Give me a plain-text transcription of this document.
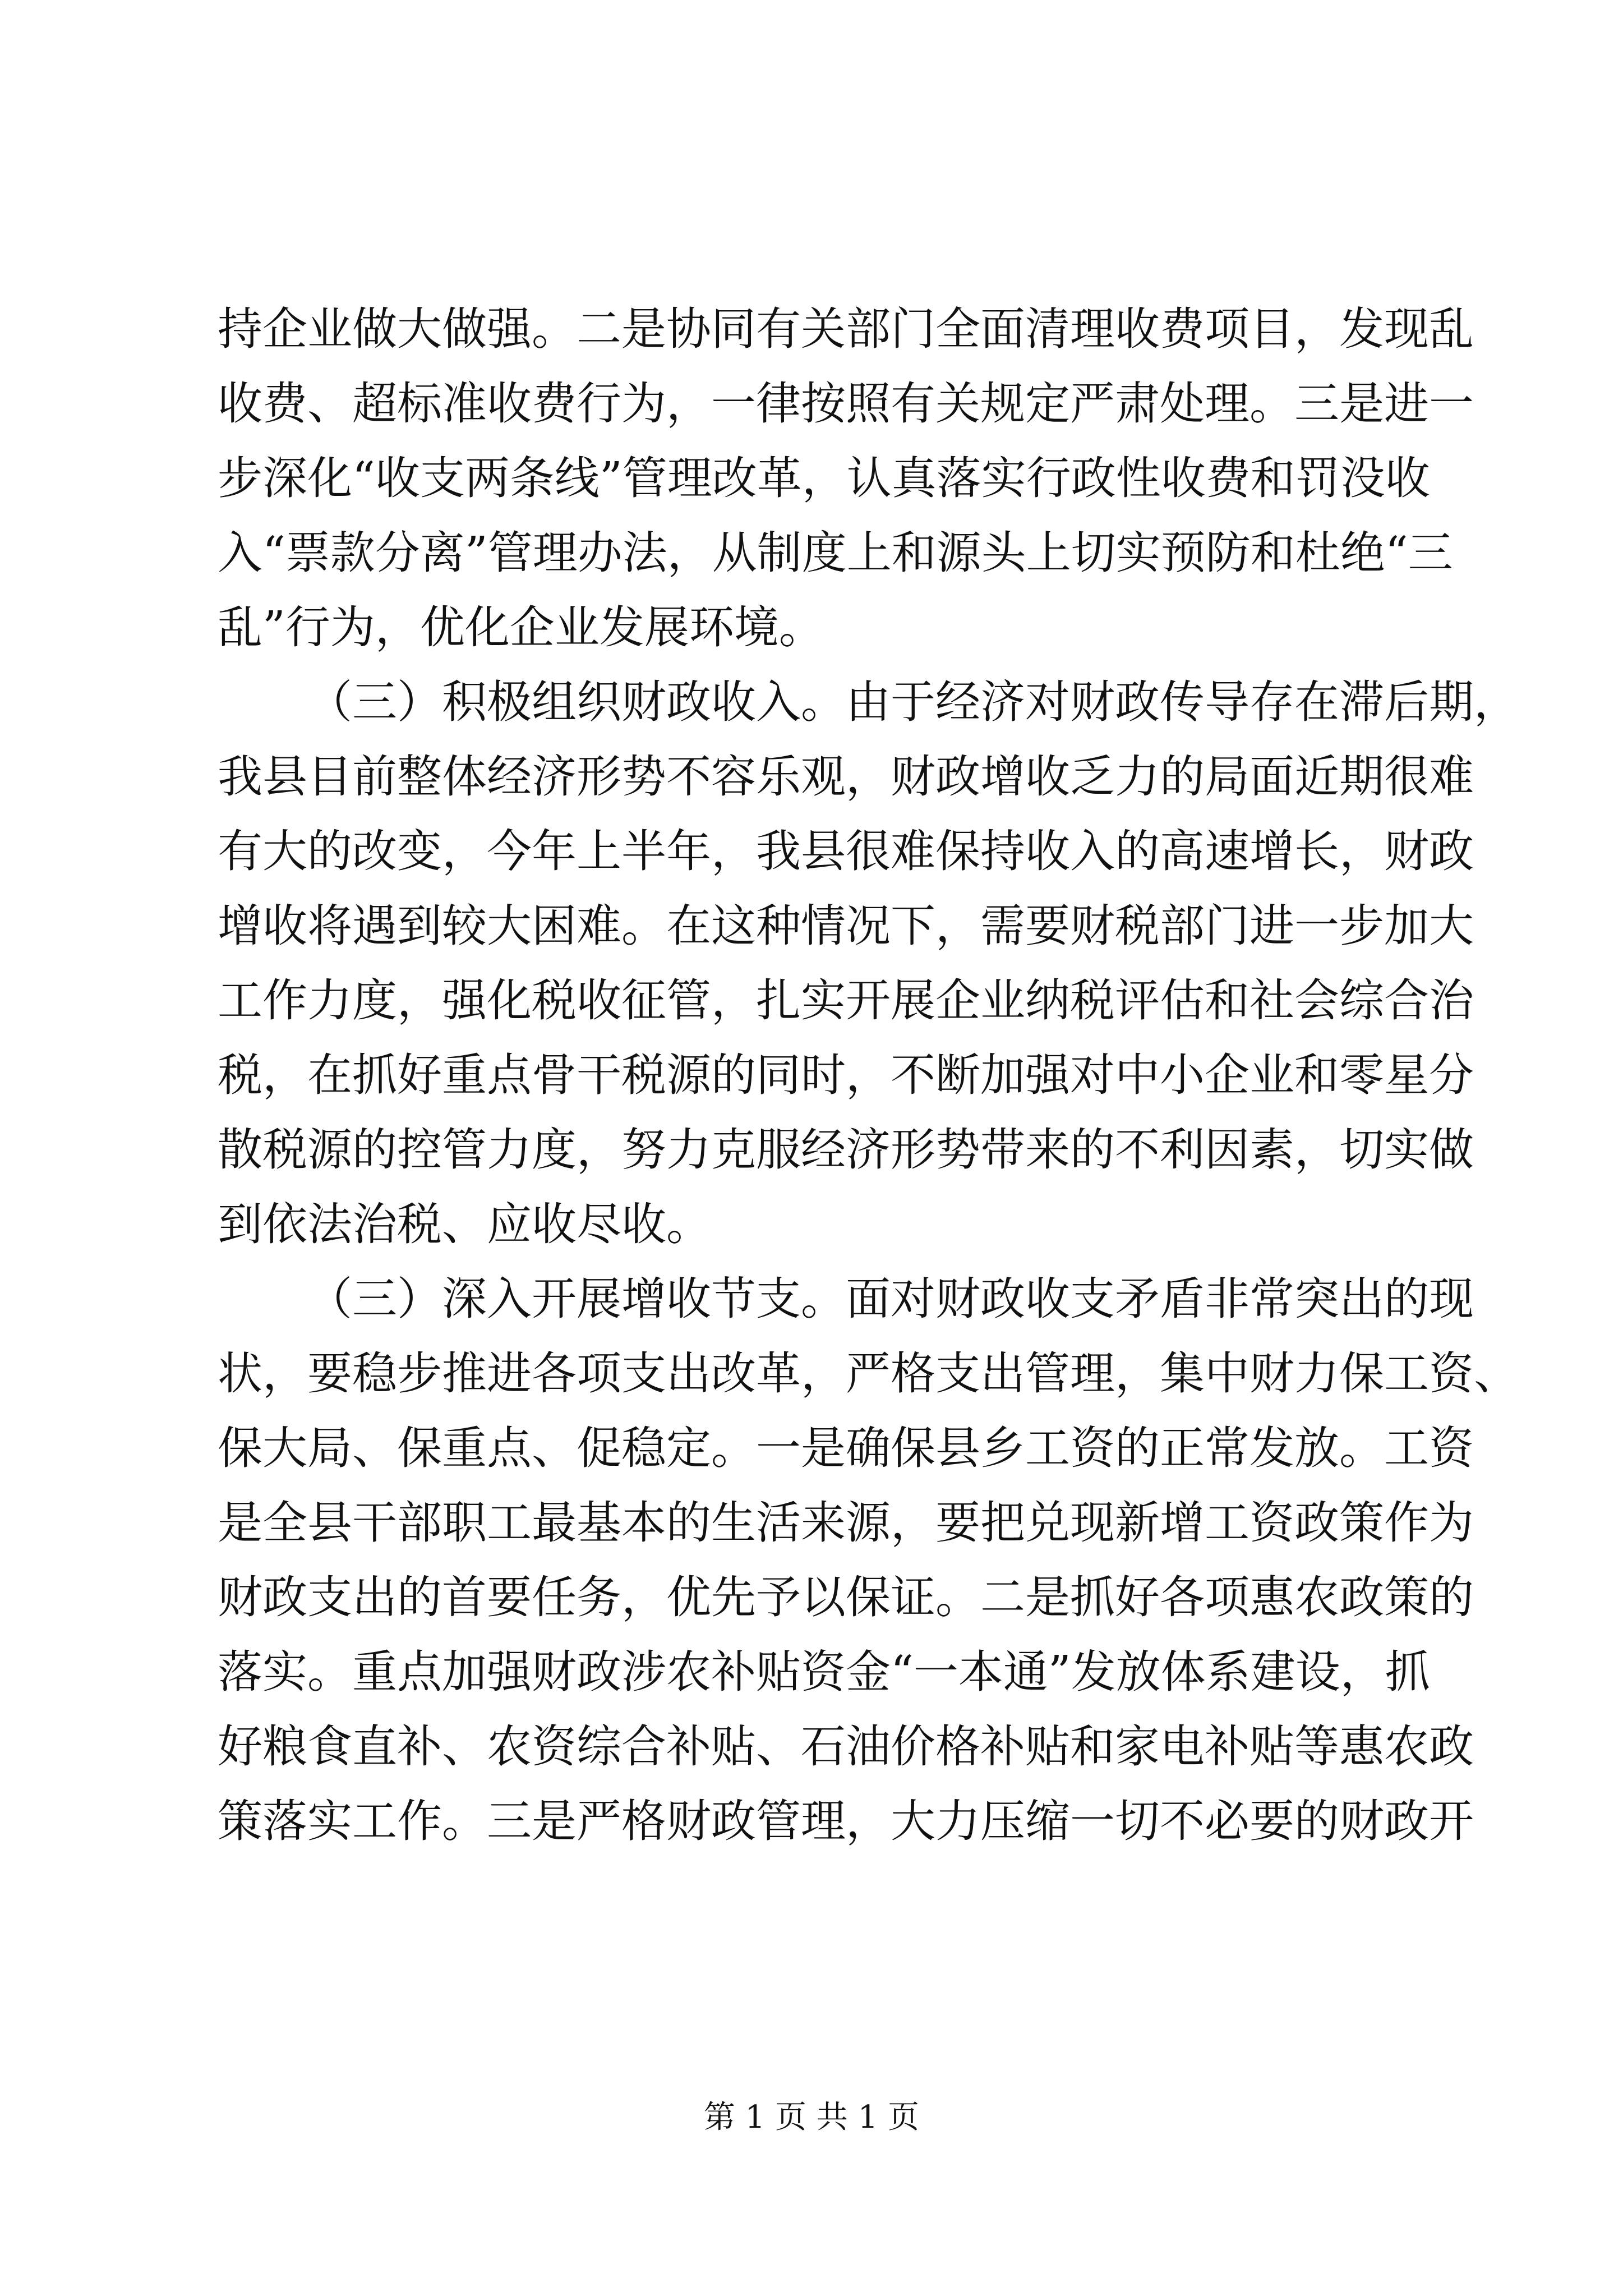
持企业做大做强。二是协同有关部门全面清理收费项目，发现乱
收费、超标准收费行为，一律按照有关规定严肃处理。三是进一
步深化“收支两条线”管理改革，认真落实行政性收费和罚没收
入“票款分离”管理办法，从制度上和源头上切实预防和杜绝“三
乱”行为，优化企业发展环境。
（三）积极组织财政收入。由于经济对财政传导存在滞后期，
我县目前整体经济形势不容乐观，财政增收乏力的局面近期很难
有大的改变，今年上半年，我县很难保持收入的高速增长，财政
增收将遇到较大困难。在这种情况下，需要财税部门进一步加大
工作力度，强化税收征管，扎实开展企业纳税评估和社会综合治
税，在抓好重点骨干税源的同时，不断加强对中小企业和零星分
散税源的控管力度，努力克服经济形势带来的不利因素，切实做
到依法治税、应收尽收。
（三）深入开展增收节支。面对财政收支矛盾非常突出的现
状，要稳步推进各项支出改革，严格支出管理，集中财力保工资、
保大局、保重点、促稳定。一是确保县乡工资的正常发放。工资
是全县干部职工最基本的生活来源，要把兑现新增工资政策作为
财政支出的首要任务，优先予以保证。二是抓好各项惠农政策的
落实。重点加强财政涉农补贴资金“一本通”发放体系建设，抓
好粮食直补、农资综合补贴、石油价格补贴和家电补贴等惠农政
策落实工作。三是严格财政管理，大力压缩一切不必要的财政开
第 1 页 共 1 页
